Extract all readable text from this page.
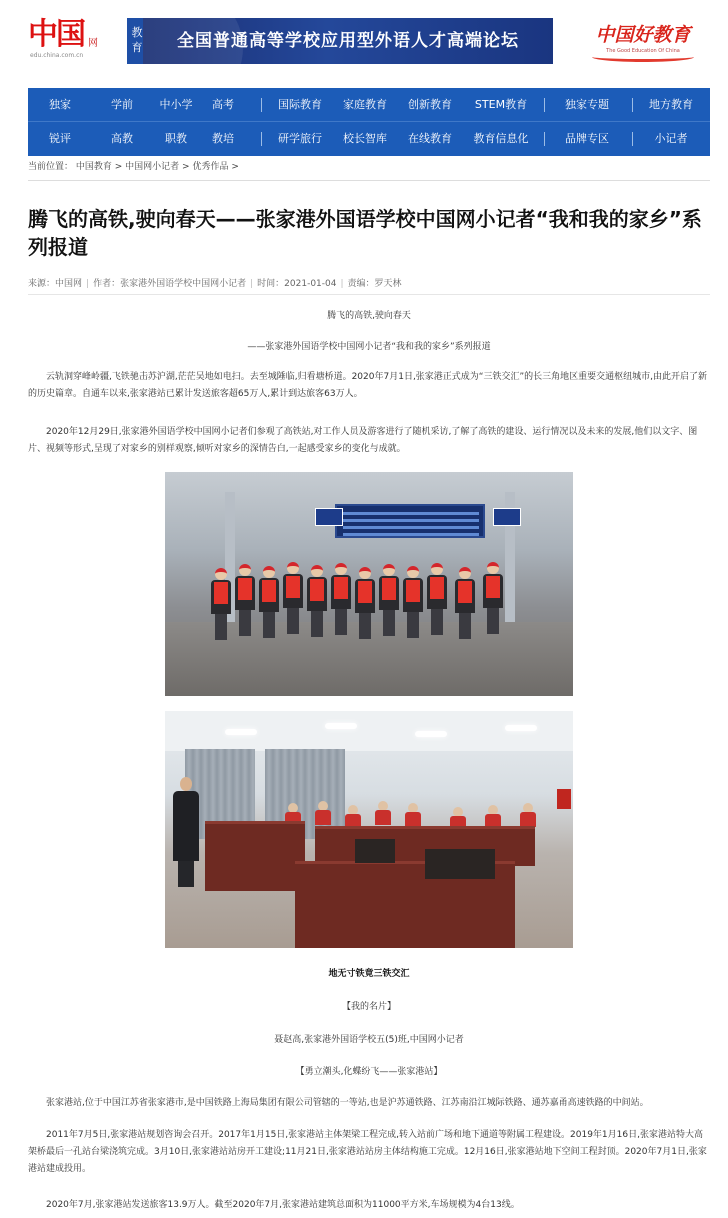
中国 网
edu.china.com.cn
教育	全国普通高等学校应用型外语人才高端论坛	中国好教育
The Good Education Of China
独家	学前	中小学	高考	国际教育	家庭教育	创新教育	STEM教育	独家专题	地方教育
锐评	高教	职教	教培	研学旅行	校长智库	在线教育	教育信息化	品牌专区	小记者
当前位置： 中国教育 > 中国网小记者 > 优秀作品 >
腾飞的高铁,驶向春天——张家港外国语学校中国网小记者“我和我的家乡”系列报道
来源：中国网 | 作者：张家港外国语学校中国网小记者 | 时间：2021-01-04 | 责编：罗天林
腾飞的高铁,驶向春天
——张家港外国语学校中国网小记者“我和我的家乡”系列报道

云轨洞穿峰岭疆,飞铁驰击苏沪湖,茫茫吴地如电扫。去至城陲临,归看塘桥道。2020年7月1日,张家港正式成为“三铁交汇”的长三角地区重要交通枢纽城市,由此开启了新的历史篇章。自通车以来,张家港站已累计发送旅客超65万人,累计到达旅客63万人。

2020年12月29日,张家港外国语学校中国网小记者们参观了高铁站,对工作人员及游客进行了随机采访,了解了高铁的建设、运行情况以及未来的发展,他们以文字、图片、视频等形式,呈现了对家乡的别样观察,倾听对家乡的深情告白,一起感受家乡的变化与成就。

地无寸铁竟三铁交汇
【我的名片】
聂赵高,张家港外国语学校五(5)班,中国网小记者
【勇立潮头,化蝶纷飞——张家港站】

张家港站,位于中国江苏省张家港市,是中国铁路上海局集团有限公司管辖的一等站,也是沪苏通铁路、江苏南沿江城际铁路、通苏嘉甬高速铁路的中间站。

2011年7月5日,张家港站规划咨询会召开。2017年1月15日,张家港站主体架梁工程完成,转入站前广场和地下通道等附属工程建设。2019年1月16日,张家港站特大高架桥最后一孔站台梁浇筑完成。3月10日,张家港站站房开工建设;11月21日,张家港站站房主体结构施工完成。12月16日,张家港站地下空间工程封顶。2020年7月1日,张家港站建成投用。

2020年7月,张家港站发送旅客13.9万人。截至2020年7月,张家港站建筑总面积为11000平方米,车场规模为4台13线。
